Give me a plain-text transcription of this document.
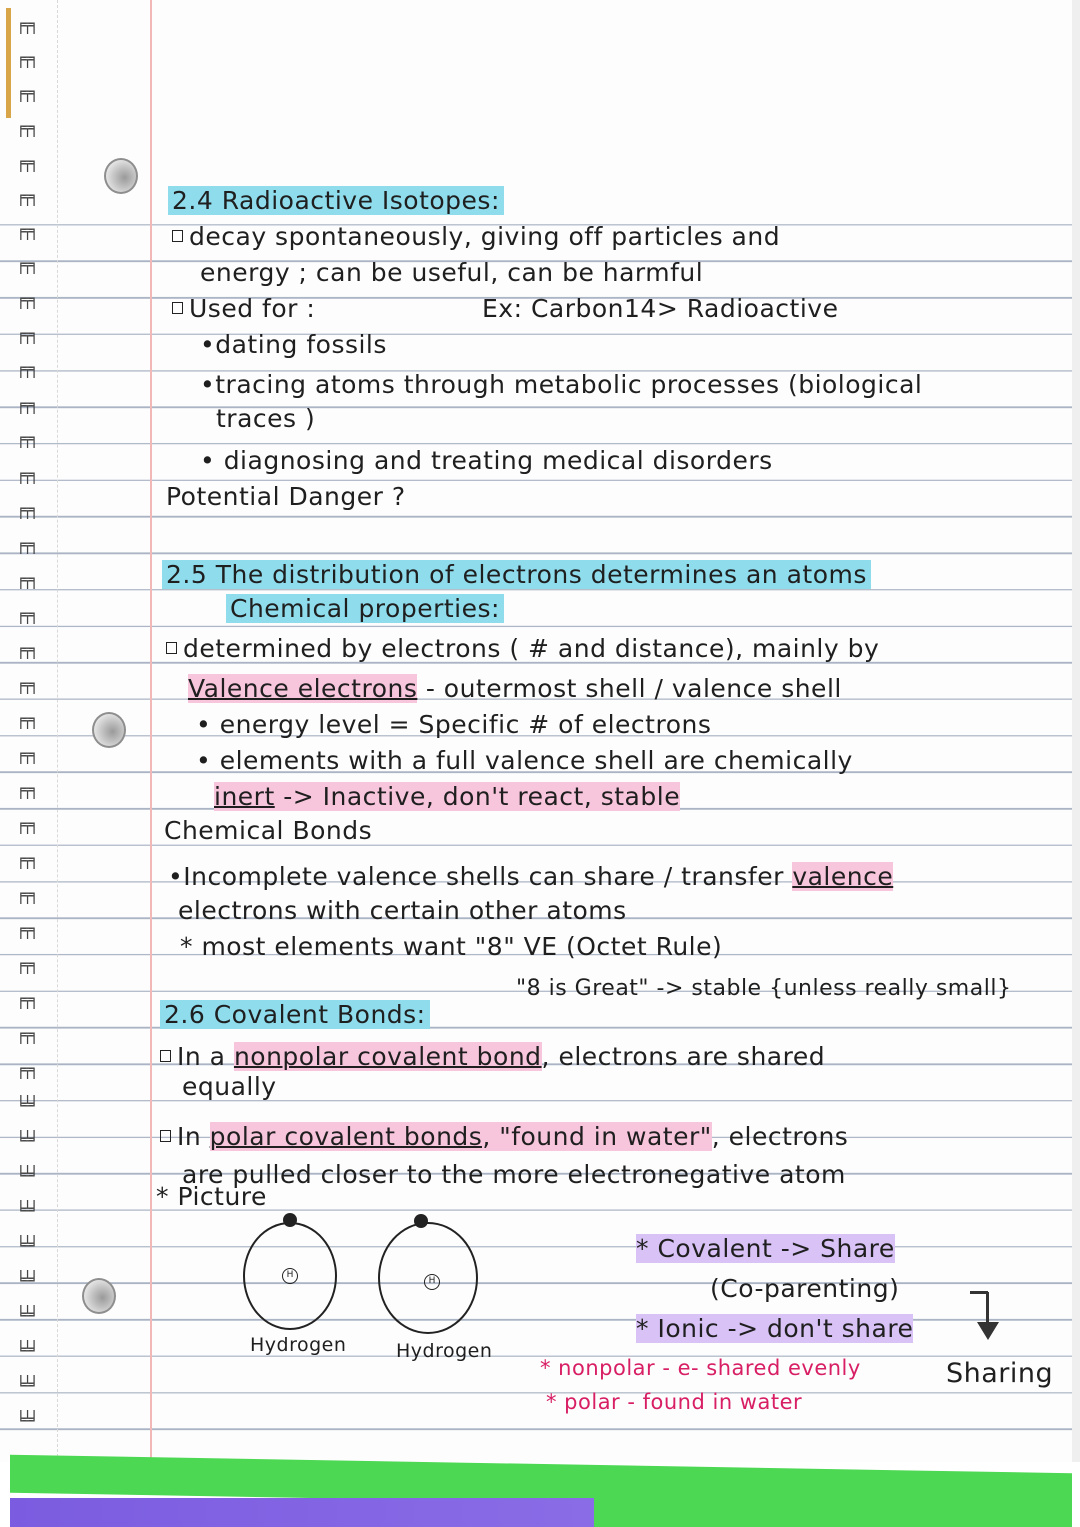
╒╤╕
╒╤╕
╒╤╕
╒╤╕
╒╤╕
╒╤╕
╒╤╕
╒╤╕
╒╤╕
╒╤╕
╒╤╕
╒╤╕
╒╤╕
╒╤╕
╒╤╕
╒╤╕
╒╤╕
╒╤╕
╒╤╕
╒╤╕
╒╤╕
╒╤╕
╒╤╕
╒╤╕
╒╤╕
╒╤╕
╒╤╕
╒╤╕
╒╤╕
╒╤╕
╒╤╕
╘╧╛
╘╧╛
╘╧╛
╘╧╛
╘╧╛
╘╧╛
╘╧╛
╘╧╛
╘╧╛
╘╧╛
2.4 Radioactive Isotopes:
decay spontaneously, giving off particles and
energy ; can be useful, can be harmful
Used for :	Ex: Carbon14> Radioactive
•dating fossils
•tracing atoms through metabolic processes (biological
traces )
• diagnosing and treating medical disorders
Potential Danger ?
2.5 The distribution of electrons determines an atoms
Chemical properties:
determined by electrons ( # and distance), mainly by
Valence electrons - outermost shell / valence shell
• energy level = Specific # of electrons
• elements with a full valence shell are chemically
inert -> Inactive, don't react, stable
Chemical Bonds
•Incomplete valence shells can share / transfer valence
electrons with certain other atoms
* most elements want "8" VE (Octet Rule)
"8 is Great" -> stable {unless really small}
2.6 Covalent Bonds:
In a nonpolar covalent bond, electrons are shared
equally
In polar covalent bonds, "found in water", electrons
are pulled closer to the more electronegative atom
* Picture
H
Hydrogen
H
Hydrogen
* Covalent -> Share
(Co-parenting)
* Ionic -> don't share
Sharing
* nonpolar - e- shared evenly
* polar - found in water
